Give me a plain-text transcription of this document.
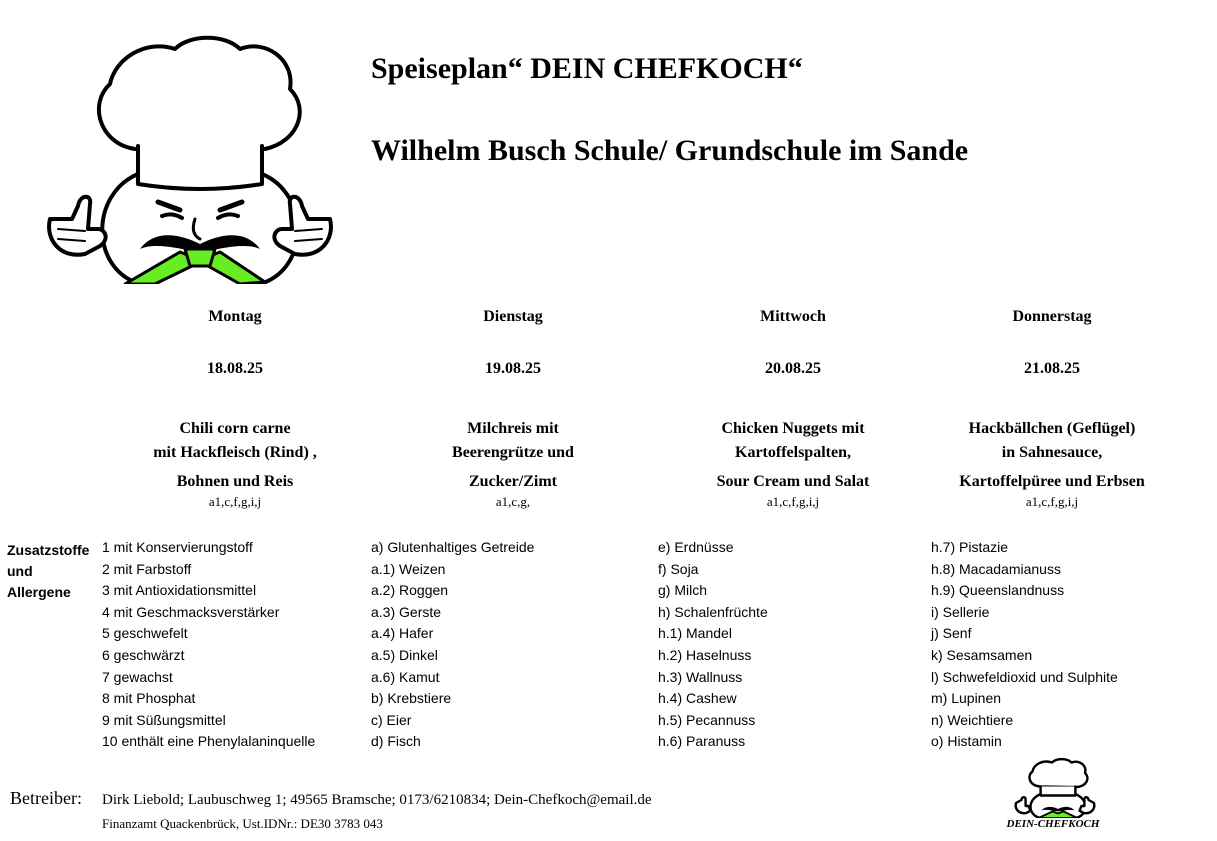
Speiseplan“ DEIN CHEFKOCH“
Wilhelm Busch Schule/ Grundschule im Sande
Montag
18.08.25
Chili corn carne
mit Hackfleisch (Rind) ,
Bohnen und Reis
a1,c,f,g,i,j
Dienstag
19.08.25
Milchreis mit
Beerengrütze und
Zucker/Zimt
a1,c,g,
Mittwoch
20.08.25
Chicken Nuggets mit
Kartoffelspalten,
Sour Cream und Salat
a1,c,f,g,i,j
Donnerstag
21.08.25
Hackbällchen (Geflügel)
in Sahnesauce,
Kartoffelpüree und Erbsen
a1,c,f,g,i,j
Zusatzstoffe
und
Allergene
1 mit Konservierungstoff
2 mit Farbstoff
3 mit Antioxidationsmittel
4 mit Geschmacksverstärker
5 geschwefelt
6 geschwärzt
7 gewachst
8 mit Phosphat
9 mit Süßungsmittel
10 enthält eine Phenylalaninquelle
a) Glutenhaltiges Getreide
a.1) Weizen
a.2) Roggen
a.3) Gerste
a.4) Hafer
a.5) Dinkel
a.6) Kamut
b) Krebstiere
c) Eier
d) Fisch
e) Erdnüsse
f) Soja
g) Milch
h) Schalenfrüchte
h.1) Mandel
h.2) Haselnuss
h.3) Wallnuss
h.4) Cashew
h.5) Pecannuss
h.6) Paranuss
h.7) Pistazie
h.8) Macadamianuss
h.9) Queenslandnuss
i) Sellerie
j) Senf
k) Sesamsamen
l) Schwefeldioxid und Sulphite
m) Lupinen
n) Weichtiere
o) Histamin
Betreiber: Dirk Liebold; Laubuschweg 1; 49565 Bramsche; 0173/6210834; Dein-Chefkoch@email.de
Finanzamt Quackenbrück, Ust.IDNr.: DE30 3783 043	DEIN-CHEFKOCH
